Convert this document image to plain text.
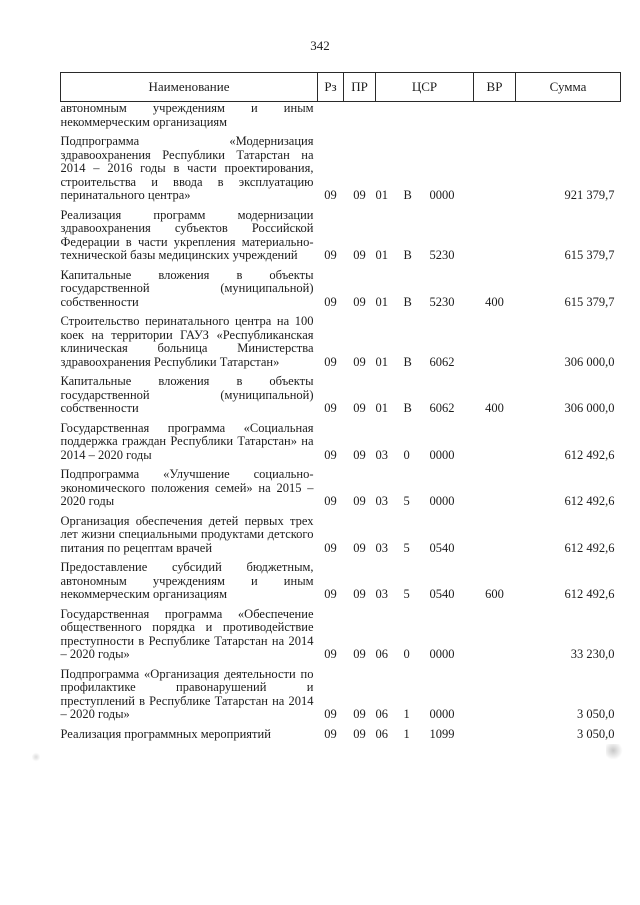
342
Наименование	Рз	ПР	ЦСР			ВР	Сумма
автономным учреждениям и иным некоммерческим организациям							
Подпрограмма «Модернизация здравоохранения Республики Татарстан на 2014 – 2016 годы в части проектирования, строительства и ввода в эксплуатацию перинатального центра»	09	09	01	В	0000		921 379,7
Реализация программ модернизации здравоохранения субъектов Российской Федерации в части укрепления материально-технической базы медицинских учреждений	09	09	01	В	5230		615 379,7
Капитальные вложения в объекты государственной (муниципальной) собственности	09	09	01	В	5230	400	615 379,7
Строительство перинатального центра на 100 коек на территории ГАУЗ «Республиканская клиническая больница Министерства здравоохранения Республики Татарстан»	09	09	01	В	6062		306 000,0
Капитальные вложения в объекты государственной (муниципальной) собственности	09	09	01	В	6062	400	306 000,0
Государственная программа «Социальная поддержка граждан Республики Татарстан» на 2014 – 2020 годы	09	09	03	0	0000		612 492,6
Подпрограмма «Улучшение социально-экономического положения семей» на 2015 – 2020 годы	09	09	03	5	0000		612 492,6
Организация обеспечения детей первых трех лет жизни специальными продуктами детского питания по рецептам врачей	09	09	03	5	0540		612 492,6
Предоставление субсидий бюджетным, автономным учреждениям и иным некоммерческим организациям	09	09	03	5	0540	600	612 492,6
Государственная программа «Обеспечение общественного порядка и противодействие преступности в Республике Татарстан на 2014 – 2020 годы»	09	09	06	0	0000		33 230,0
Подпрограмма «Организация деятельности по профилактике правонарушений и преступлений в Республике Татарстан на 2014 – 2020 годы»	09	09	06	1	0000		3 050,0
Реализация программных мероприятий	09	09	06	1	1099		3 050,0
